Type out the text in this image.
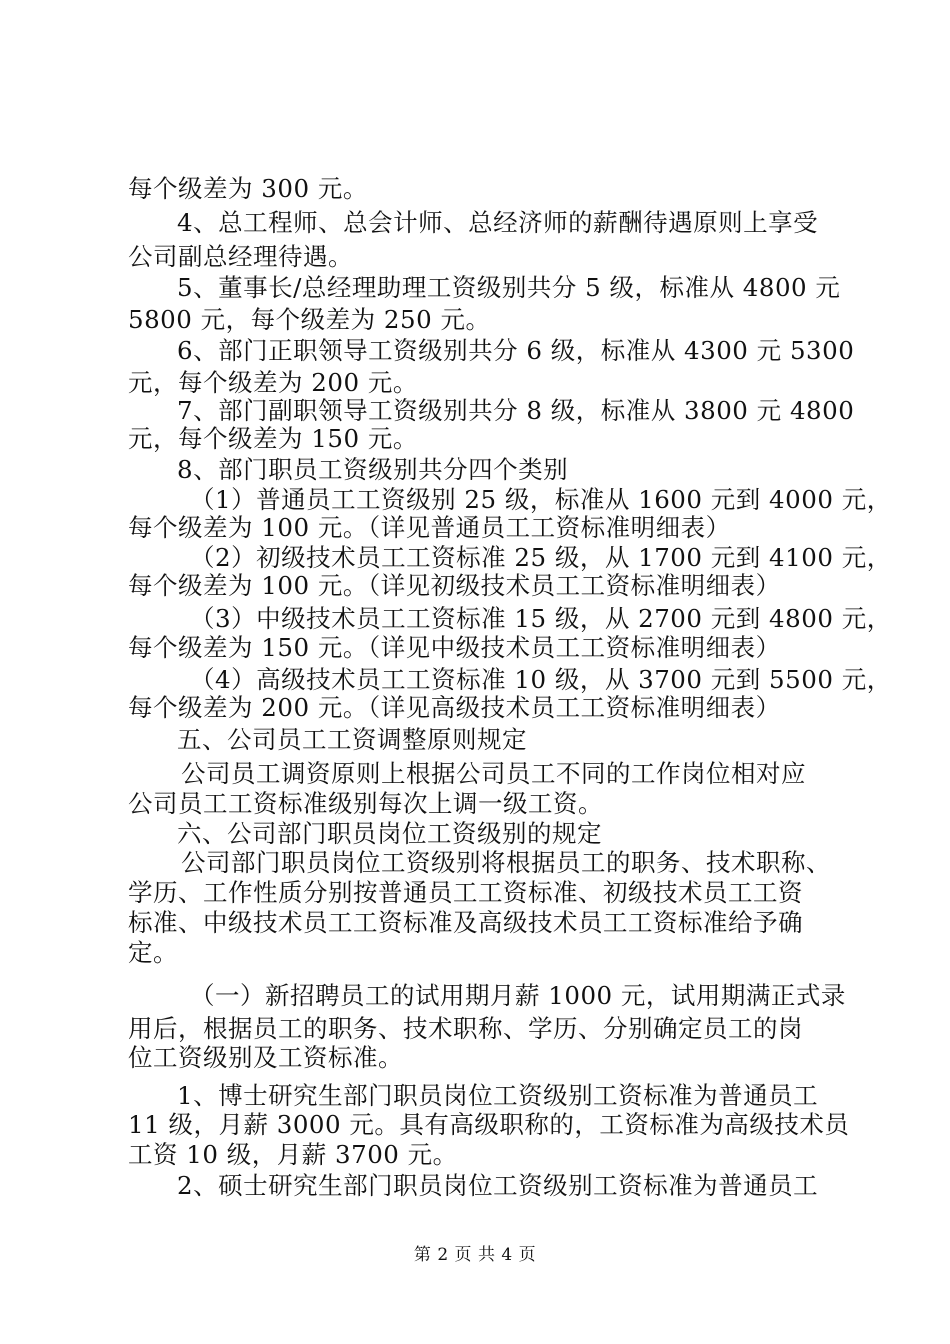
每个级差为 300 元。
4、总工程师、总会计师、总经济师的薪酬待遇原则上享受
公司副总经理待遇。
5、董事长/总经理助理工资级别共分 5 级，标准从 4800 元
5800 元，每个级差为 250 元。
6、部门正职领导工资级别共分 6 级，标准从 4300 元 5300
元，每个级差为 200 元。
7、部门副职领导工资级别共分 8 级，标准从 3800 元 4800
元，每个级差为 150 元。
8、部门职员工资级别共分四个类别
（1）普通员工工资级别 25 级，标准从 1600 元到 4000 元，
每个级差为 100 元。（详见普通员工工资标准明细表）
（2）初级技术员工工资标准 25 级，从 1700 元到 4100 元，
每个级差为 100 元。（详见初级技术员工工资标准明细表）
（3）中级技术员工工资标准 15 级，从 2700 元到 4800 元，
每个级差为 150 元。（详见中级技术员工工资标准明细表）
（4）高级技术员工工资标准 10 级，从 3700 元到 5500 元，
每个级差为 200 元。（详见高级技术员工工资标准明细表）
五、公司员工工资调整原则规定
公司员工调资原则上根据公司员工不同的工作岗位相对应
公司员工工资标准级别每次上调一级工资。
六、公司部门职员岗位工资级别的规定
公司部门职员岗位工资级别将根据员工的职务、技术职称、
学历、工作性质分别按普通员工工资标准、初级技术员工工资
标准、中级技术员工工资标准及高级技术员工工资标准给予确
定。
（一）新招聘员工的试用期月薪 1000 元，试用期满正式录
用后，根据员工的职务、技术职称、学历、分别确定员工的岗
位工资级别及工资标准。
1、博士研究生部门职员岗位工资级别工资标准为普通员工
11 级，月薪 3000 元。具有高级职称的，工资标准为高级技术员
工资 10 级，月薪 3700 元。
2、硕士研究生部门职员岗位工资级别工资标准为普通员工
第 2 页 共 4 页
